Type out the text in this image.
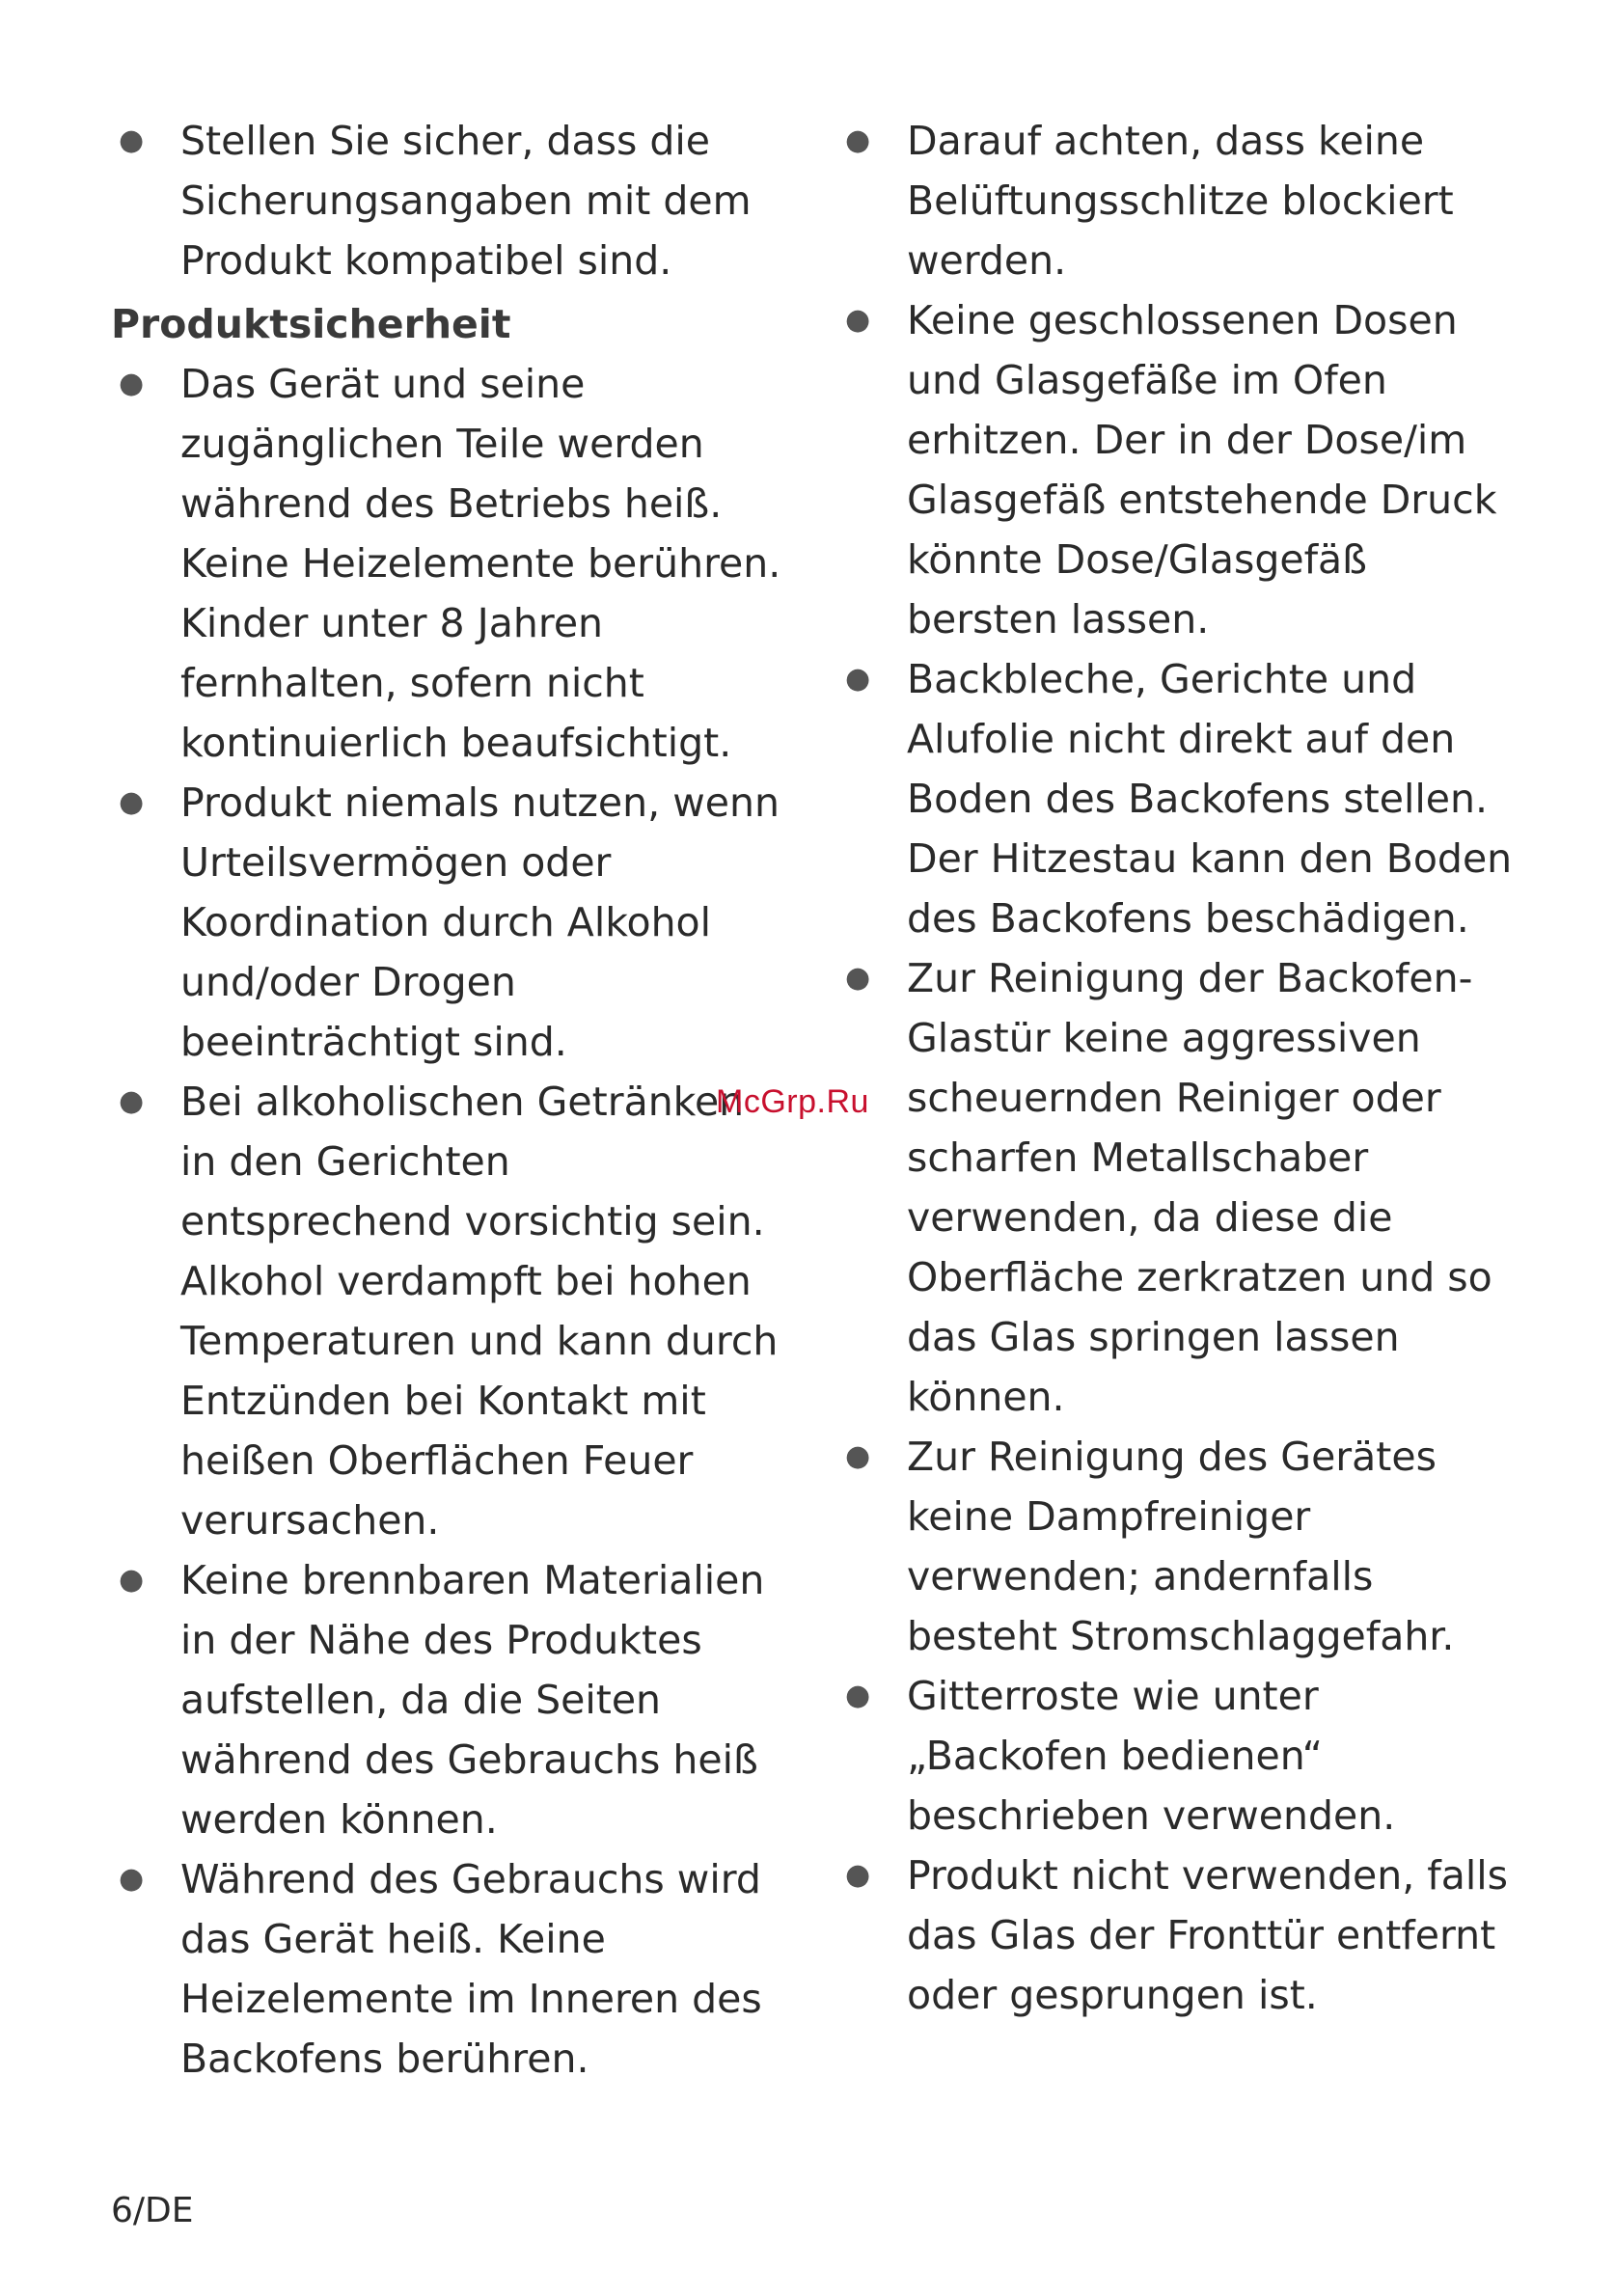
● Stellen Sie sicher, dass die Sicherungsangaben mit dem Produkt kompatibel sind.
Produktsicherheit
● Das Gerät und seine zugänglichen Teile werden während des Betriebs heiß. Keine Heizelemente berühren. Kinder unter 8 Jahren fernhalten, sofern nicht kontinuierlich beaufsichtigt.
● Produkt niemals nutzen, wenn Urteilsvermögen oder Koordination durch Alkohol und/oder Drogen beeinträchtigt sind.
● Bei alkoholischen Getränken in den Gerichten entsprechend vorsichtig sein. Alkohol verdampft bei hohen Temperaturen und kann durch Entzünden bei Kontakt mit heißen Oberflächen Feuer verursachen.
● Keine brennbaren Materialien in der Nähe des Produktes aufstellen, da die Seiten während des Gebrauchs heiß werden können.
● Während des Gebrauchs wird das Gerät heiß. Keine Heizelemente im Inneren des Backofens berühren.
● Darauf achten, dass keine Belüftungsschlitze blockiert werden.
● Keine geschlossenen Dosen und Glasgefäße im Ofen erhitzen. Der in der Dose/im Glasgefäß entstehende Druck könnte Dose/Glasgefäß bersten lassen.
● Backbleche, Gerichte und Alufolie nicht direkt auf den Boden des Backofens stellen. Der Hitzestau kann den Boden des Backofens beschädigen.
● Zur Reinigung der Backofen-Glastür keine aggressiven scheuernden Reiniger oder scharfen Metallschaber verwenden, da diese die Oberfläche zerkratzen und so das Glas springen lassen können.
● Zur Reinigung des Gerätes keine Dampfreiniger verwenden; andernfalls besteht Stromschlaggefahr.
● Gitterroste wie unter „Backofen bedienen“ beschrieben verwenden.
● Produkt nicht verwenden, falls das Glas der Fronttür entfernt oder gesprungen ist.
McGrp.Ru
6/DE
